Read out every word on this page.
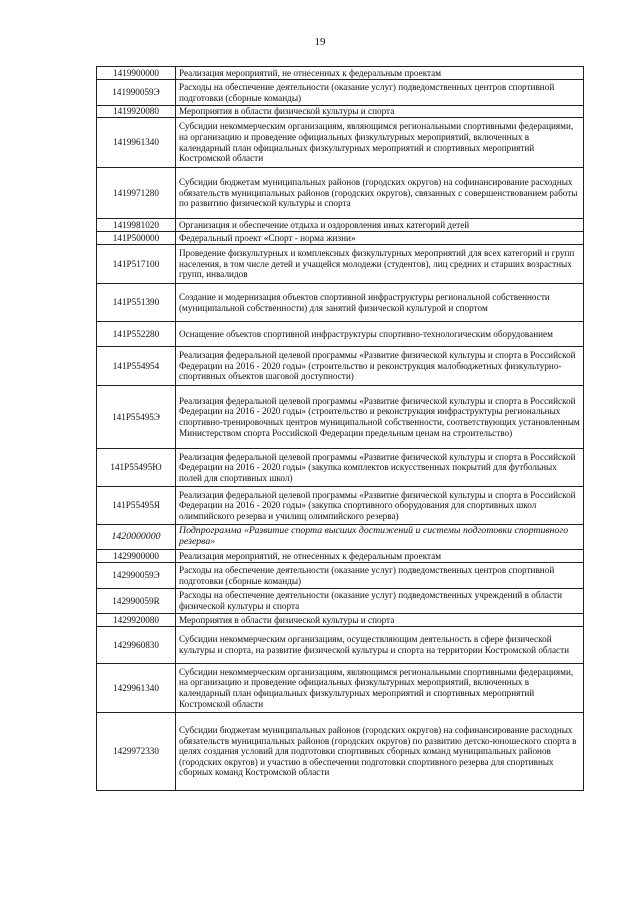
19
1419900000	Реализация мероприятий, не отнесенных к федеральным проектам
141990059Э	Расходы на обеспечение деятельности (оказание услуг) подведомственных центров спортивной подготовки (сборные команды)
1419920080	Мероприятия в области физической культуры и спорта
1419961340	Субсидии некоммерческим организациям, являющимся региональными спортивными федерациями, на организацию и проведение официальных физкультурных мероприятий, включенных в календарный план официальных физкультурных мероприятий и спортивных мероприятий Костромской области
1419971280	Субсидии бюджетам муниципальных районов (городских округов) на софинансирование расходных обязательств муниципальных районов (городских округов), связанных с совершенствованием работы по развитию физической культуры и спорта
1419981020	Организация и обеспечение отдыха и оздоровления иных категорий детей
141P500000	Федеральный проект «Спорт - норма жизни»
141P517100	Проведение физкультурных и комплексных физкультурных мероприятий для всех категорий и групп населения, в том числе детей и учащейся молодежи (студентов), лиц средних и старших возрастных групп, инвалидов
141P551390	Создание и модернизация объектов спортивной инфраструктуры региональной собственности (муниципальной собственности) для занятий физической культурой и спортом
141P552280	Оснащение объектов спортивной инфраструктуры спортивно-технологическим оборудованием
141P554954	Реализация федеральной целевой программы «Развитие физической культуры и спорта в Российской Федерации на 2016 - 2020 годы» (строительство и реконструкция малобюджетных физкультурно-спортивных объектов шаговой доступности)
141P55495Э	Реализация федеральной целевой программы «Развитие физической культуры и спорта в Российской Федерации на 2016 - 2020 годы» (строительство и реконструкция инфраструктуры региональных спортивно-тренировочных центров муниципальной собственности, соответствующих установленным Министерством спорта Российской Федерации предельным ценам на строительство)
141P55495Ю	Реализация федеральной целевой программы «Развитие физической культуры и спорта в Российской Федерации на 2016 - 2020 годы» (закупка комплектов искусственных покрытий для футбольных полей для спортивных школ)
141P55495Я	Реализация федеральной целевой программы «Развитие физической культуры и спорта в Российской Федерации на 2016 - 2020 годы» (закупка спортивного оборудования для спортивных школ олимпийского резерва и училищ олимпийского резерва)
1420000000	Подпрограмма «Развитие спорта высших достижений и системы подготовки спортивного резерва»
1429900000	Реализация мероприятий, не отнесенных к федеральным проектам
142990059Э	Расходы на обеспечение деятельности (оказание услуг) подведомственных центров спортивной подготовки (сборные команды)
142990059R	Расходы на обеспечение деятельности (оказание услуг) подведомственных учреждений в области физической культуры и спорта
1429920080	Мероприятия в области физической культуры и спорта
1429960830	Субсидии некоммерческим организациям, осуществляющим деятельность в сфере физической культуры и спорта, на развитие физической культуры и спорта на территории Костромской области
1429961340	Субсидии некоммерческим организациям, являющимся региональными спортивными федерациями, на организацию и проведение официальных физкультурных мероприятий, включенных в календарный план официальных физкультурных мероприятий и спортивных мероприятий Костромской области
1429972330	Субсидии бюджетам муниципальных районов (городских округов) на софинансирование расходных обязательств муниципальных районов (городских округов) по развитию детско-юношеского спорта в целях создания условий для подготовки спортивных сборных команд муниципальных районов (городских округов) и участию в обеспечении подготовки спортивного резерва для спортивных сборных команд Костромской области
